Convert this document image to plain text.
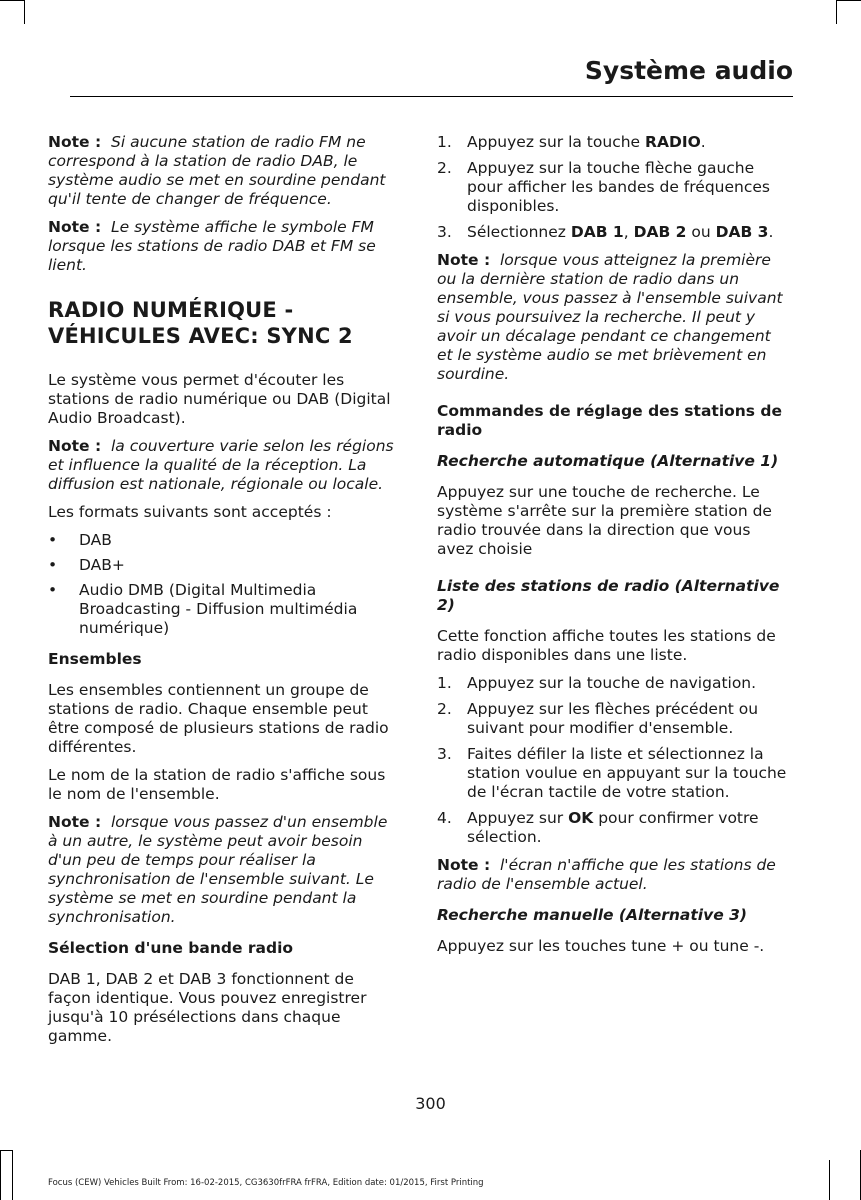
Système audio

Note : Si aucune station de radio FM ne correspond à la station de radio DAB, le système audio se met en sourdine pendant qu'il tente de changer de fréquence.

Note : Le système affiche le symbole FM lorsque les stations de radio DAB et FM se lient.

RADIO NUMÉRIQUE -
VÉHICULES AVEC: SYNC 2

Le système vous permet d'écouter les stations de radio numérique ou DAB (Digital Audio Broadcast).

Note : la couverture varie selon les régions et influence la qualité de la réception. La diffusion est nationale, régionale ou locale.

Les formats suivants sont acceptés :

• DAB
• DAB+
• Audio DMB (Digital Multimedia Broadcasting - Diffusion multimédia numérique)
Ensembles

Les ensembles contiennent un groupe de stations de radio. Chaque ensemble peut être composé de plusieurs stations de radio différentes.

Le nom de la station de radio s'affiche sous le nom de l'ensemble.

Note : lorsque vous passez d'un ensemble à un autre, le système peut avoir besoin d'un peu de temps pour réaliser la synchronisation de l'ensemble suivant. Le système se met en sourdine pendant la synchronisation.

Sélection d'une bande radio

DAB 1, DAB 2 et DAB 3 fonctionnent de façon identique. Vous pouvez enregistrer jusqu'à 10 présélections dans chaque gamme.

1. Appuyez sur la touche RADIO.
2. Appuyez sur la touche flèche gauche pour afficher les bandes de fréquences disponibles.
3. Sélectionnez DAB 1, DAB 2 ou DAB 3.

Note : lorsque vous atteignez la première ou la dernière station de radio dans un ensemble, vous passez à l'ensemble suivant si vous poursuivez la recherche. Il peut y avoir un décalage pendant ce changement et le système audio se met brièvement en sourdine.

Commandes de réglage des stations de radio
Recherche automatique (Alternative 1)

Appuyez sur une touche de recherche. Le système s'arrête sur la première station de radio trouvée dans la direction que vous avez choisie

Liste des stations de radio (Alternative 2)

Cette fonction affiche toutes les stations de radio disponibles dans une liste.

1. Appuyez sur la touche de navigation.
2. Appuyez sur les flèches précédent ou suivant pour modifier d'ensemble.
3. Faites défiler la liste et sélectionnez la station voulue en appuyant sur la touche de l'écran tactile de votre station.
4. Appuyez sur OK pour confirmer votre sélection.

Note : l'écran n'affiche que les stations de radio de l'ensemble actuel.

Recherche manuelle (Alternative 3)

Appuyez sur les touches tune + ou tune -.

300
Focus (CEW) Vehicles Built From: 16-02-2015, CG3630frFRA frFRA, Edition date: 01/2015, First Printing
